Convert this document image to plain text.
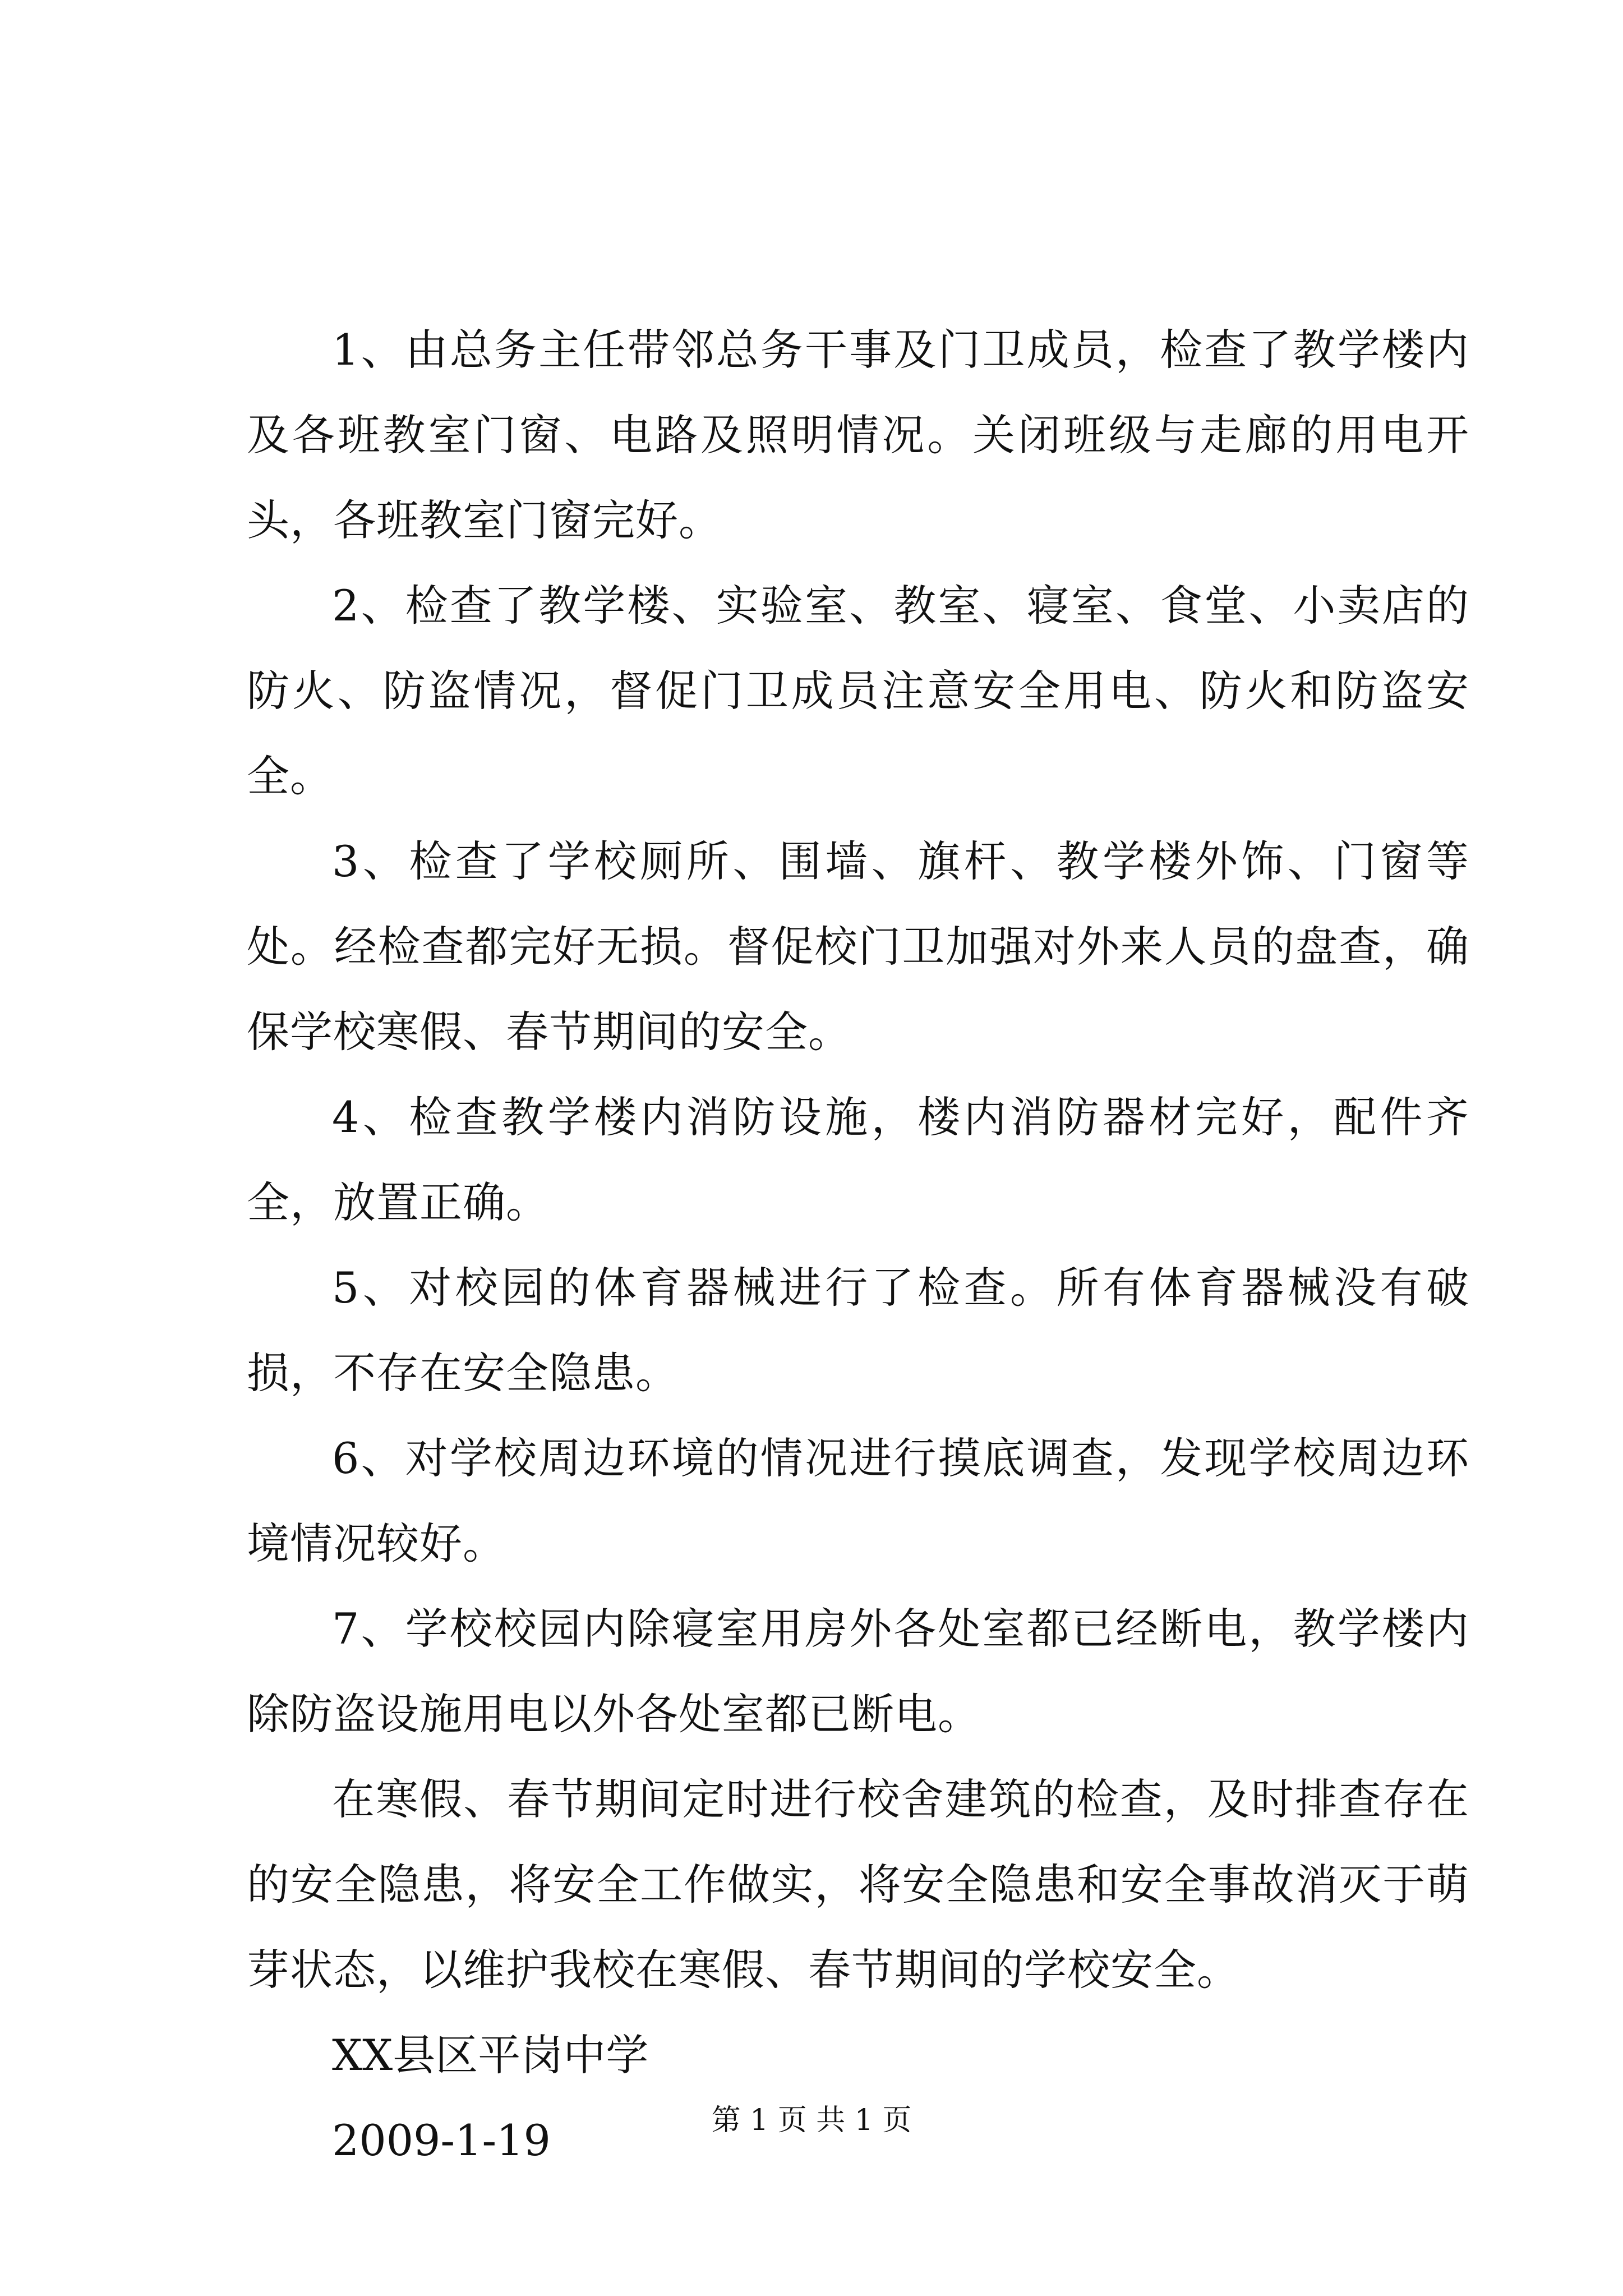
1、由总务主任带邻总务干事及门卫成员，检查了教学楼内及各班教室门窗、电路及照明情况。关闭班级与走廊的用电开头，各班教室门窗完好。

2、检查了教学楼、实验室、教室、寝室、食堂、小卖店的防火、防盗情况，督促门卫成员注意安全用电、防火和防盗安全。

3、检查了学校厕所、围墙、旗杆、教学楼外饰、门窗等处。经检查都完好无损。督促校门卫加强对外来人员的盘查，确保学校寒假、春节期间的安全。

4、检查教学楼内消防设施，楼内消防器材完好，配件齐全，放置正确。

5、对校园的体育器械进行了检查。所有体育器械没有破损，不存在安全隐患。

6、对学校周边环境的情况进行摸底调查，发现学校周边环境情况较好。

7、学校校园内除寝室用房外各处室都已经断电，教学楼内除防盗设施用电以外各处室都已断电。

在寒假、春节期间定时进行校舍建筑的检查，及时排查存在的安全隐患，将安全工作做实，将安全隐患和安全事故消灭于萌芽状态，以维护我校在寒假、春节期间的学校安全。

XX县区平岗中学

2009-1-19	第 1 页 共 1 页
